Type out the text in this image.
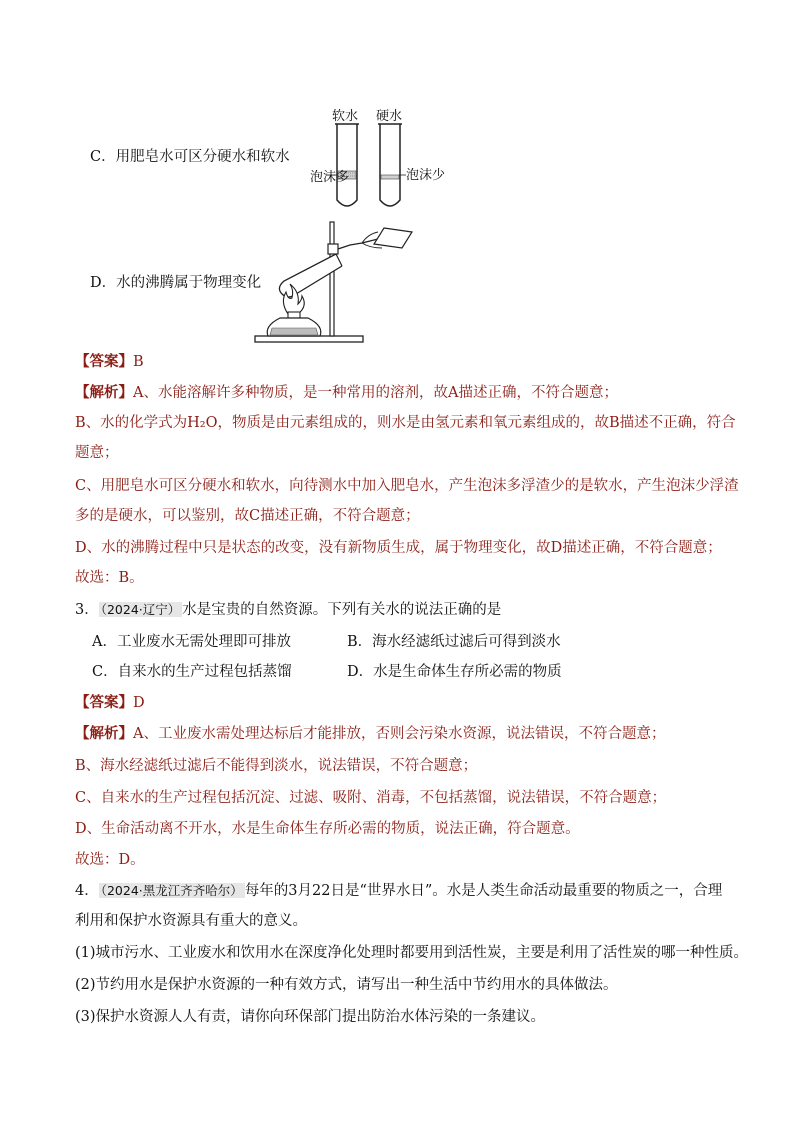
C．用肥皂水可区分硬水和软水
软水 硬水
泡沫多	泡沫少
D．水的沸腾属于物理变化
【答案】B
【解析】A、水能溶解许多种物质，是一种常用的溶剂，故A描述正确，不符合题意；
B、水的化学式为H₂O，物质是由元素组成的，则水是由氢元素和氧元素组成的，故B描述不正确，符合
题意；
C、用肥皂水可区分硬水和软水，向待测水中加入肥皂水，产生泡沫多浮渣少的是软水，产生泡沫少浮渣
多的是硬水，可以鉴别，故C描述正确，不符合题意；
D、水的沸腾过程中只是状态的改变，没有新物质生成，属于物理变化，故D描述正确，不符合题意；
故选：B。
3． （2024·辽宁） 水是宝贵的自然资源。下列有关水的说法正确的是
A．工业废水无需处理即可排放	B．海水经滤纸过滤后可得到淡水
C．自来水的生产过程包括蒸馏	D．水是生命体生存所必需的物质
【答案】D
【解析】A、工业废水需处理达标后才能排放，否则会污染水资源，说法错误，不符合题意；
B、海水经滤纸过滤后不能得到淡水，说法错误，不符合题意；
C、自来水的生产过程包括沉淀、过滤、吸附、消毒，不包括蒸馏，说法错误，不符合题意；
D、生命活动离不开水，水是生命体生存所必需的物质，说法正确，符合题意。
故选：D。
4． （2024·黑龙江齐齐哈尔） 每年的3月22日是“世界水日”。水是人类生命活动最重要的物质之一，合理
利用和保护水资源具有重大的意义。
(1)城市污水、工业废水和饮用水在深度净化处理时都要用到活性炭，主要是利用了活性炭的哪一种性质。
(2)节约用水是保护水资源的一种有效方式，请写出一种生活中节约用水的具体做法。
(3)保护水资源人人有责，请你向环保部门提出防治水体污染的一条建议。
